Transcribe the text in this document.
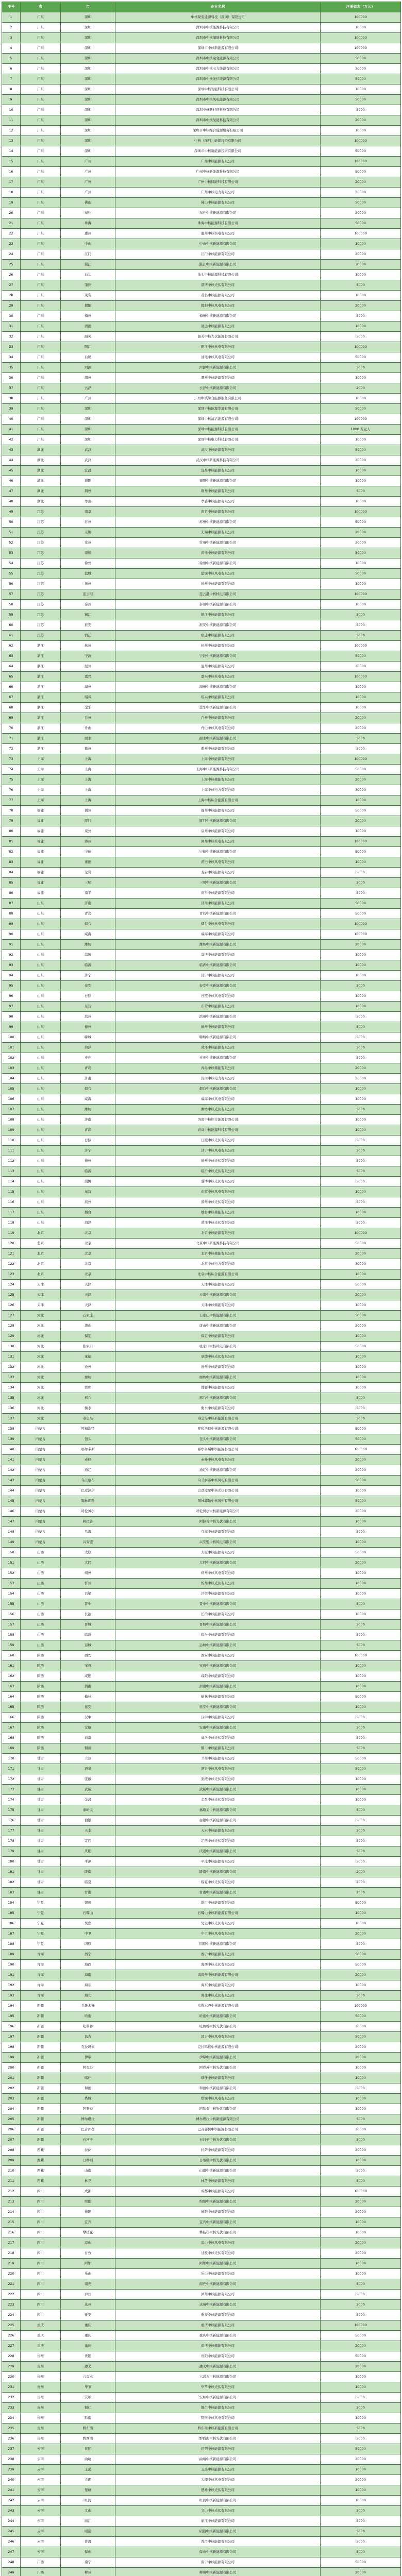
序号	省	市	企业名称	注册资本（万元）
1	广东	深圳	中核聚变能源科技（深圳）有限公司	100000
2	广东	深圳	深圳市中核能源科技有限公司	10000
3	广东	深圳	深圳市中核储能科技有限公司	100000
4	广东	深圳	深圳市中核新能源有限公司	100000
5	广东	深圳	深圳市中核聚变能源有限公司	50000
6	广东	深圳	深圳市中核电力能源有限公司	30000
7	广东	深圳	深圳市中核光伏能源有限公司	50000
8	广东	深圳	深圳中核智能科技有限公司	10000
9	广东	深圳	深圳市中核风电能源有限公司	50000
10	广东	深圳	深圳中核新材料科技有限公司	5000
11	广东	深圳	深圳市中核氢能科技有限公司	20000
12	广东	深圳	深圳市中核综合能源服务有限公司	10000
13	广东	深圳	中核（深圳）能源投资有限公司	100000
14	广东	深圳	深圳市中核新能源投资有限公司	50000
15	广东	广州	广州中核能源有限公司	100000
16	广东	广州	广州中核新能源科技有限公司	50000
17	广东	广州	广州中核储能科技有限公司	20000
18	广东	广州	广州中核电力有限公司	30000
19	广东	佛山	佛山中核能源有限公司	50000
20	广东	东莞	东莞中核新能源有限公司	20000
21	广东	珠海	珠海中核能源科技有限公司	50000
22	广东	惠州	惠州中核核电有限公司	100000
23	广东	中山	中山中核新能源有限公司	10000
24	广东	江门	江门中核能源有限公司	20000
25	广东	湛江	湛江中核新能源有限公司	30000
26	广东	汕头	汕头中核能源科技有限公司	10000
27	广东	肇庆	肇庆中核光伏有限公司	5000
28	广东	茂名	茂名中核能源有限公司	10000
29	广东	揭阳	揭阳中核风电有限公司	20000
30	广东	梅州	梅州中核新能源有限公司	5000
31	广东	清远	清远中核能源有限公司	10000
32	广东	韶关	韶关中核光伏能源有限公司	5000
33	广东	阳江	阳江中核核电有限公司	100000
34	广东	汕尾	汕尾中核风电有限公司	50000
35	广东	河源	河源中核新能源有限公司	5000
36	广东	潮州	潮州中核能源有限公司	10000
37	广东	云浮	云浮中核新能源有限公司	2000
38	广东	广州	广州中核综合能源服务有限公司	10000
39	广东	深圳	深圳中核能源发展有限公司	50000
40	广东	深圳	深圳中核清洁能源有限公司	100000
41	广东	深圳	深圳中核能源科技有限公司	1000 万元人
42	广东	深圳	深圳中核电力科技有限公司	10000
43	湖北	武汉	武汉中核能源有限公司	50000
44	湖北	武汉	武汉中核新能源科技有限公司	20000
45	湖北	宜昌	宜昌中核能源有限公司	10000
46	湖北	襄阳	襄阳中核新能源有限公司	10000
47	湖北	荆州	荆州中核能源有限公司	5000
48	湖北	孝感	孝感中核能源有限公司	10000
49	江苏	南京	南京中核能源有限公司	100000
50	江苏	苏州	苏州中核新能源有限公司	50000
51	江苏	无锡	无锡中核能源有限公司	20000
52	江苏	常州	常州中核新能源有限公司	20000
53	江苏	南通	南通中核能源有限公司	30000
54	江苏	徐州	徐州中核新能源有限公司	10000
55	江苏	盐城	盐城中核风电有限公司	50000
56	江苏	扬州	扬州中核能源有限公司	10000
57	江苏	连云港	连云港中核核电有限公司	100000
58	江苏	泰州	泰州中核新能源有限公司	10000
59	江苏	镇江	镇江中核能源有限公司	5000
60	江苏	淮安	淮安中核新能源有限公司	5000
61	江苏	宿迁	宿迁中核能源有限公司	5000
62	浙江	杭州	杭州中核能源有限公司	100000
63	浙江	宁波	宁波中核新能源有限公司	50000
64	浙江	温州	温州中核能源有限公司	20000
65	浙江	嘉兴	嘉兴中核核电有限公司	100000
66	浙江	湖州	湖州中核新能源有限公司	10000
67	浙江	绍兴	绍兴中核能源有限公司	10000
68	浙江	金华	金华中核新能源有限公司	10000
69	浙江	台州	台州中核能源有限公司	20000
70	浙江	舟山	舟山中核风电有限公司	20000
71	浙江	丽水	丽水中核新能源有限公司	5000
72	浙江	衢州	衢州中核能源有限公司	5000
73	上海	上海	上海中核能源有限公司	100000
74	上海	上海	上海中核新能源科技有限公司	50000
75	上海	上海	上海中核储能有限公司	20000
76	上海	上海	上海中核电力有限公司	30000
77	上海	上海	上海中核综合能源有限公司	10000
78	福建	福州	福州中核能源有限公司	50000
79	福建	厦门	厦门中核新能源有限公司	20000
80	福建	泉州	泉州中核能源有限公司	10000
81	福建	漳州	漳州中核核电有限公司	100000
82	福建	宁德	宁德中核新能源有限公司	50000
83	福建	莆田	莆田中核风电有限公司	10000
84	福建	龙岩	龙岩中核能源有限公司	5000
85	福建	三明	三明中核新能源有限公司	5000
86	福建	南平	南平中核能源有限公司	5000
87	山东	济南	济南中核能源有限公司	50000
88	山东	青岛	青岛中核新能源有限公司	50000
89	山东	烟台	烟台中核核电有限公司	100000
90	山东	威海	威海中核能源有限公司	100000
91	山东	潍坊	潍坊中核新能源有限公司	20000
92	山东	淄博	淄博中核能源有限公司	10000
93	山东	临沂	临沂中核新能源有限公司	10000
94	山东	济宁	济宁中核能源有限公司	10000
95	山东	泰安	泰安中核新能源有限公司	5000
96	山东	日照	日照中核风电有限公司	10000
97	山东	东营	东营中核能源有限公司	10000
98	山东	滨州	滨州中核新能源有限公司	5000
99	山东	德州	德州中核能源有限公司	5000
100	山东	聊城	聊城中核新能源有限公司	5000
101	山东	菏泽	菏泽中核能源有限公司	5000
102	山东	枣庄	枣庄中核新能源有限公司	5000
103	山东	青岛	青岛中核储能有限公司	20000
104	山东	济南	济南中核电力有限公司	30000
105	山东	烟台	烟台中核新能源有限公司	10000
106	山东	威海	威海中核风电有限公司	10000
107	山东	潍坊	潍坊中核光伏有限公司	5000
108	山东	济南	济南中核综合能源有限公司	10000
109	山东	青岛	青岛中核能源科技有限公司	10000
110	山东	日照	日照中核光伏有限公司	5000
111	山东	济宁	济宁中核风电有限公司	5000
112	山东	德州	德州中核光伏有限公司	5000
113	山东	临沂	临沂中核光伏有限公司	5000
114	山东	淄博	淄博中核光伏有限公司	5000
115	山东	东营	东营中核风电有限公司	10000
116	山东	滨州	滨州中核光伏有限公司	5000
117	山东	烟台	烟台中核储能有限公司	10000
118	山东	菏泽	菏泽中核光伏有限公司	5000
119	北京	北京	北京中核能源有限公司	100000
120	北京	北京	北京中核新能源科技有限公司	50000
121	北京	北京	北京中核储能有限公司	20000
122	北京	北京	北京中核电力有限公司	30000
123	北京	北京	北京中核综合能源有限公司	10000
124	天津	天津	天津中核能源有限公司	50000
125	天津	天津	天津中核新能源有限公司	20000
126	天津	天津	天津中核储能有限公司	10000
127	河北	石家庄	石家庄中核能源有限公司	50000
128	河北	唐山	唐山中核新能源有限公司	20000
129	河北	保定	保定中核能源有限公司	10000
130	河北	张家口	张家口中核风电有限公司	50000
131	河北	承德	承德中核光伏有限公司	10000
132	河北	沧州	沧州中核能源有限公司	10000
133	河北	廊坊	廊坊中核新能源有限公司	10000
134	河北	邯郸	邯郸中核能源有限公司	10000
135	河北	邢台	邢台中核新能源有限公司	5000
136	河北	衡水	衡水中核能源有限公司	5000
137	河北	秦皇岛	秦皇岛中核新能源有限公司	5000
138	内蒙古	呼和浩特	呼和浩特中核能源有限公司	50000
139	内蒙古	包头	包头中核新能源有限公司	50000
140	内蒙古	鄂尔多斯	鄂尔多斯中核能源有限公司	100000
141	内蒙古	赤峰	赤峰中核风电有限公司	20000
142	内蒙古	通辽	通辽中核新能源有限公司	20000
143	内蒙古	乌兰察布	乌兰察布中核风电有限公司	50000
144	内蒙古	巴彦淖尔	巴彦淖尔中核光伏有限公司	10000
145	内蒙古	锡林郭勒	锡林郭勒中核风电有限公司	50000
146	内蒙古	呼伦贝尔	呼伦贝尔中核新能源有限公司	20000
147	内蒙古	阿拉善	阿拉善中核光伏有限公司	10000
148	内蒙古	乌海	乌海中核能源有限公司	5000
149	内蒙古	兴安盟	兴安盟中核风电有限公司	10000
150	山西	太原	太原中核能源有限公司	50000
151	山西	大同	大同中核新能源有限公司	20000
152	山西	朔州	朔州中核风电有限公司	10000
153	山西	忻州	忻州中核光伏有限公司	10000
154	山西	吕梁	吕梁中核能源有限公司	10000
155	山西	晋中	晋中中核新能源有限公司	5000
156	山西	长治	长治中核能源有限公司	10000
157	山西	晋城	晋城中核新能源有限公司	5000
158	山西	临汾	临汾中核能源有限公司	5000
159	山西	运城	运城中核新能源有限公司	5000
160	陕西	西安	西安中核能源有限公司	100000
161	陕西	宝鸡	宝鸡中核新能源有限公司	10000
162	陕西	咸阳	咸阳中核能源有限公司	10000
163	陕西	渭南	渭南中核新能源有限公司	10000
164	陕西	榆林	榆林中核能源有限公司	50000
165	陕西	延安	延安中核新能源有限公司	10000
166	陕西	汉中	汉中中核能源有限公司	5000
167	陕西	安康	安康中核新能源有限公司	5000
168	陕西	商洛	商洛中核光伏有限公司	5000
169	陕西	铜川	铜川中核能源有限公司	5000
170	甘肃	兰州	兰州中核能源有限公司	50000
171	甘肃	酒泉	酒泉中核风电有限公司	50000
172	甘肃	张掖	张掖中核光伏有限公司	10000
173	甘肃	武威	武威中核新能源有限公司	10000
174	甘肃	金昌	金昌中核光伏有限公司	10000
175	甘肃	嘉峪关	嘉峪关中核能源有限公司	5000
176	甘肃	白银	白银中核新能源有限公司	5000
177	甘肃	天水	天水中核能源有限公司	5000
178	甘肃	定西	定西中核光伏有限公司	5000
179	甘肃	庆阳	庆阳中核新能源有限公司	5000
180	甘肃	平凉	平凉中核能源有限公司	5000
181	甘肃	陇南	陇南中核新能源有限公司	2000
182	甘肃	临夏	临夏中核光伏有限公司	2000
183	甘肃	甘南	甘南中核新能源有限公司	2000
184	宁夏	银川	银川中核能源有限公司	50000
185	宁夏	石嘴山	石嘴山中核新能源有限公司	10000
186	宁夏	吴忠	吴忠中核光伏有限公司	10000
187	宁夏	中卫	中卫中核风电有限公司	20000
188	宁夏	固原	固原中核新能源有限公司	5000
189	青海	西宁	西宁中核能源有限公司	50000
190	青海	海西	海西中核光伏有限公司	50000
191	青海	海南	海南州中核新能源有限公司	20000
192	青海	海东	海东中核能源有限公司	10000
193	青海	海北	海北中核光伏有限公司	5000
194	新疆	乌鲁木齐	乌鲁木齐中核能源有限公司	100000
195	新疆	哈密	哈密中核新能源有限公司	50000
196	新疆	吐鲁番	吐鲁番中核光伏有限公司	20000
197	新疆	昌吉	昌吉中核风电有限公司	50000
198	新疆	克拉玛依	克拉玛依中核能源有限公司	20000
199	新疆	伊犁	伊犁中核新能源有限公司	20000
200	新疆	阿克苏	阿克苏中核光伏有限公司	10000
201	新疆	喀什	喀什中核能源有限公司	10000
202	新疆	和田	和田中核新能源有限公司	5000
203	新疆	塔城	塔城中核风电有限公司	10000
204	新疆	阿勒泰	阿勒泰中核光伏有限公司	10000
205	新疆	博尔塔拉	博尔塔拉中核新能源有限公司	5000
206	新疆	巴音郭楞	巴音郭楞中核能源有限公司	20000
207	新疆	石河子	石河子中核光伏有限公司	5000
208	西藏	拉萨	拉萨中核能源有限公司	20000
209	西藏	日喀则	日喀则中核光伏有限公司	10000
210	西藏	山南	山南中核新能源有限公司	5000
211	西藏	林芝	林芝中核能源有限公司	5000
212	四川	成都	成都中核能源有限公司	100000
213	四川	绵阳	绵阳中核新能源有限公司	20000
214	四川	德阳	德阳中核能源有限公司	20000
215	四川	宜宾	宜宾中核新能源有限公司	10000
216	四川	攀枝花	攀枝花中核光伏有限公司	10000
217	四川	凉山	凉山中核风电有限公司	20000
218	四川	甘孜	甘孜中核光伏有限公司	20000
219	四川	阿坝	阿坝中核新能源有限公司	10000
220	四川	乐山	乐山中核能源有限公司	10000
221	四川	南充	南充中核新能源有限公司	5000
222	四川	泸州	泸州中核能源有限公司	5000
223	四川	达州	达州中核新能源有限公司	5000
224	四川	雅安	雅安中核能源有限公司	5000
225	重庆	重庆	重庆中核能源有限公司	100000
226	重庆	重庆	重庆中核新能源有限公司	50000
227	重庆	重庆	重庆中核储能有限公司	20000
228	贵州	贵阳	贵阳中核能源有限公司	50000
229	贵州	遵义	遵义中核新能源有限公司	20000
230	贵州	六盘水	六盘水中核能源有限公司	10000
231	贵州	毕节	毕节中核光伏有限公司	10000
232	贵州	安顺	安顺中核新能源有限公司	5000
233	贵州	铜仁	铜仁中核能源有限公司	5000
234	贵州	黔南	黔南中核风电有限公司	10000
235	贵州	黔东南	黔东南中核新能源有限公司	5000
236	贵州	黔西南	黔西南中核光伏有限公司	5000
237	云南	昆明	昆明中核能源有限公司	50000
238	云南	曲靖	曲靖中核新能源有限公司	20000
239	云南	玉溪	玉溪中核能源有限公司	10000
240	云南	大理	大理中核风电有限公司	20000
241	云南	楚雄	楚雄中核光伏有限公司	10000
242	云南	红河	红河中核新能源有限公司	10000
243	云南	文山	文山中核光伏有限公司	5000
244	云南	丽江	丽江中核能源有限公司	5000
245	云南	昭通	昭通中核新能源有限公司	5000
246	云南	普洱	普洱中核能源有限公司	5000
247	云南	保山	保山中核新能源有限公司	5000
248	广西	南宁	南宁中核能源有限公司	50000
249	广西	柳州	柳州中核新能源有限公司	20000
